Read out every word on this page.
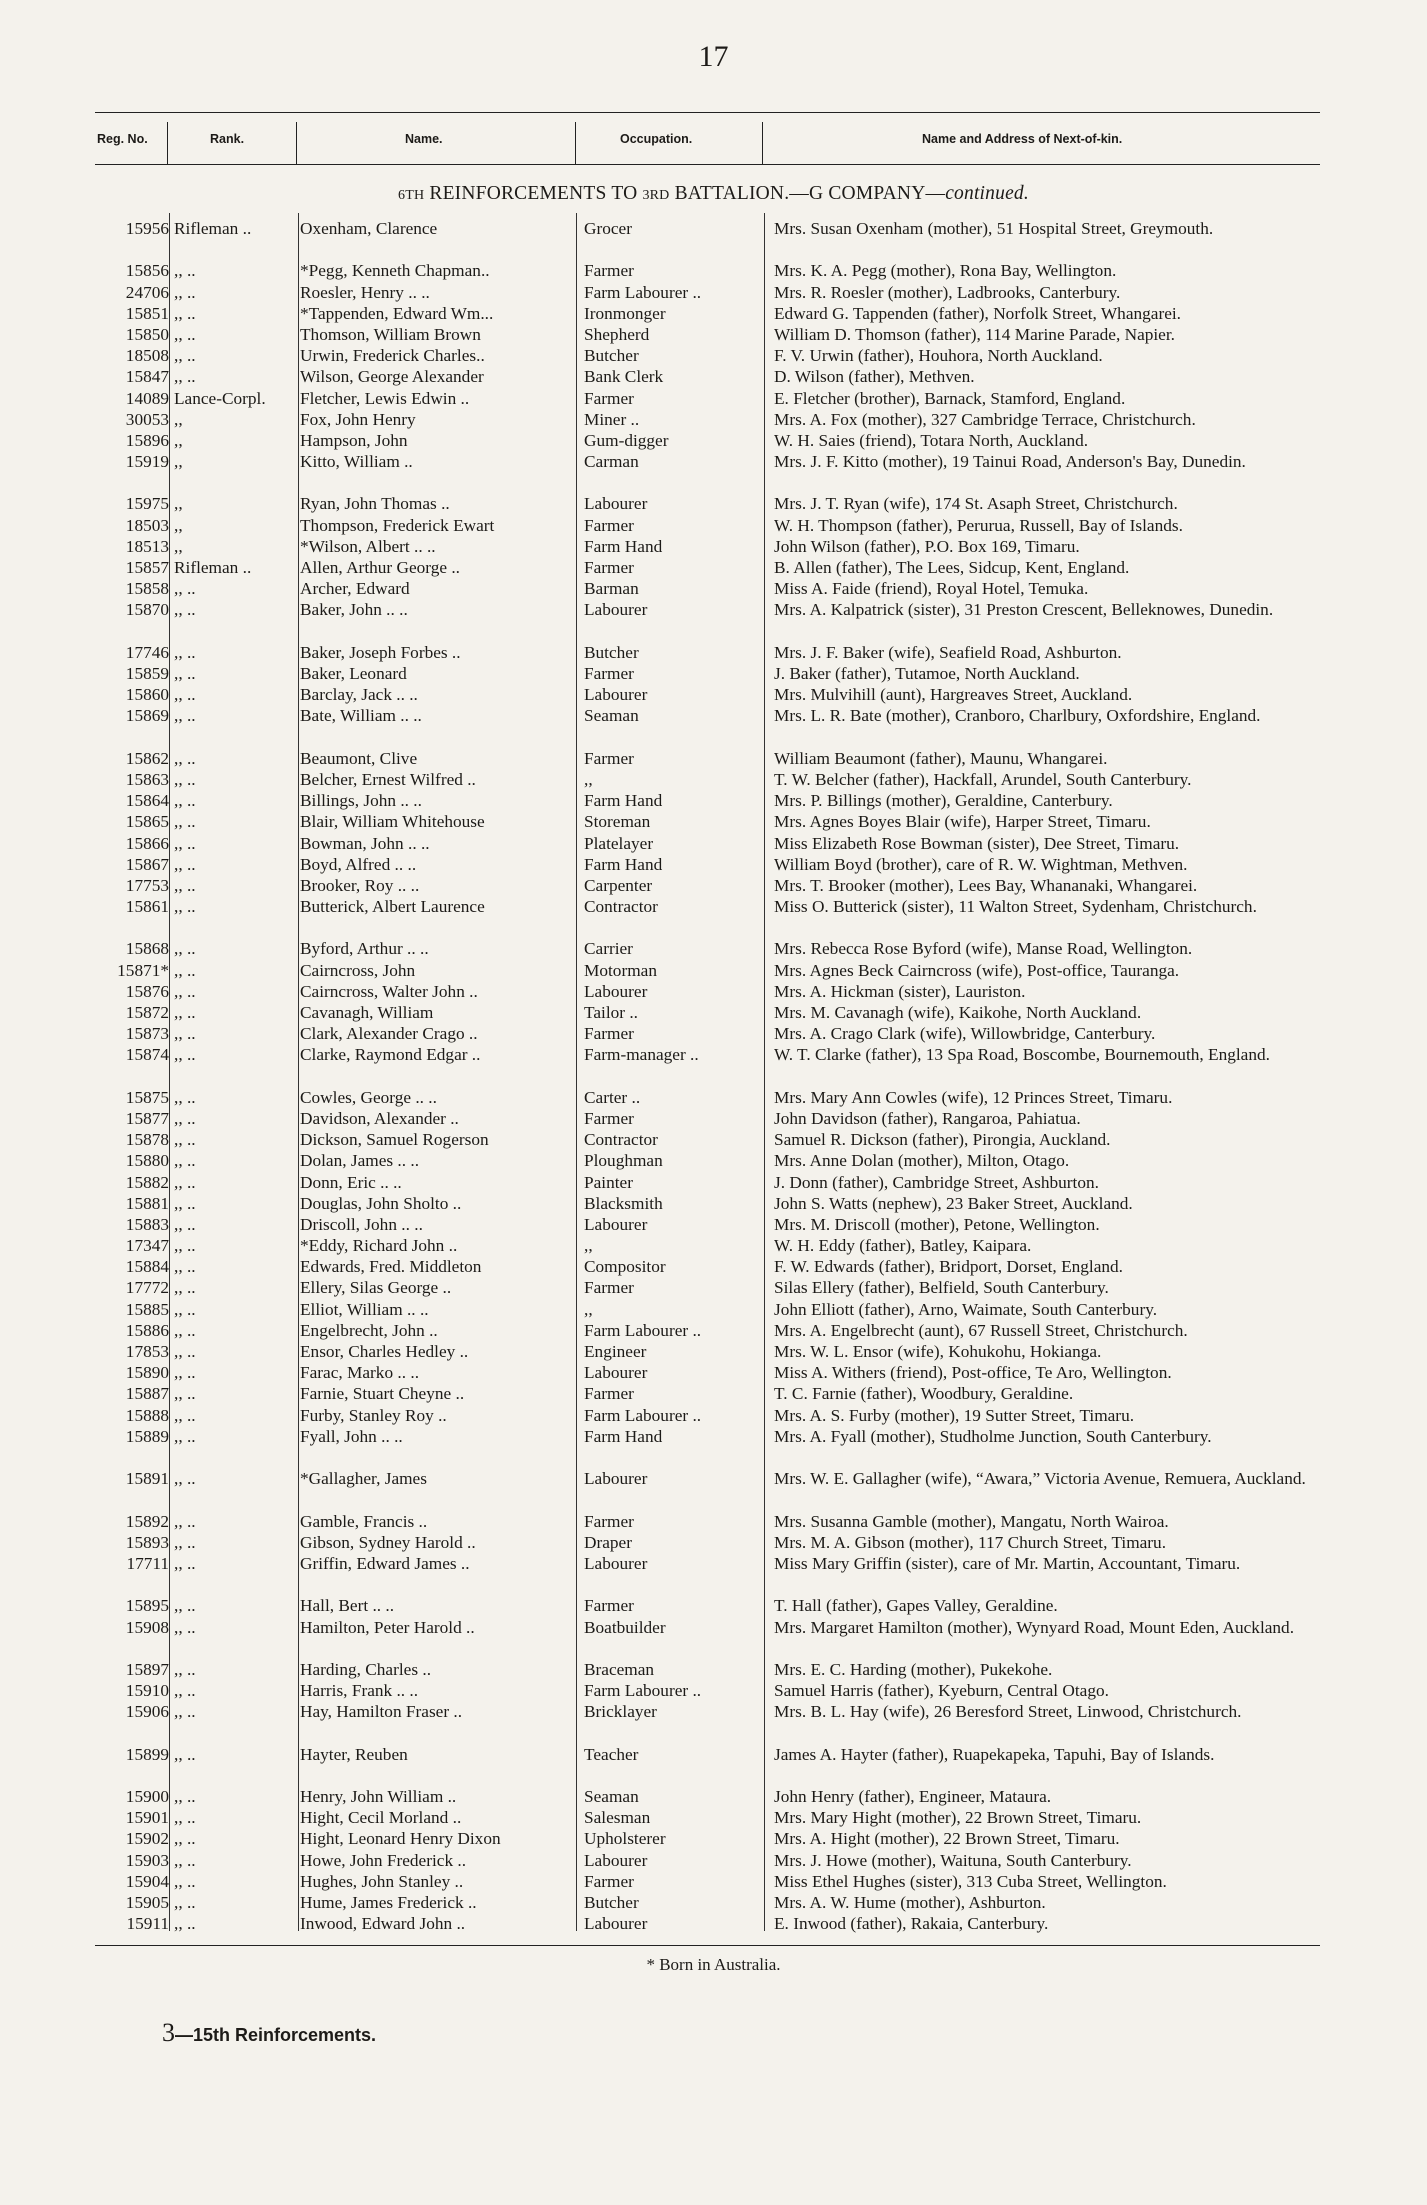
17
Reg. No.	Rank.	Name.	Occupation.	Name and Address of Next-of-kin.
6TH REINFORCEMENTS TO 3RD BATTALION.—G COMPANY—continued.
15956 Rifleman ..	Oxenham, Clarence	Grocer	Mrs. Susan Oxenham (mother), 51 Hospital Street, Greymouth.
15856 ,, ..	*Pegg, Kenneth Chapman..	Farmer	Mrs. K. A. Pegg (mother), Rona Bay, Wellington.
24706 ,, ..	Roesler, Henry .. ..	Farm Labourer ..	Mrs. R. Roesler (mother), Ladbrooks, Canterbury.
15851 ,, ..	*Tappenden, Edward Wm...	Ironmonger	Edward G. Tappenden (father), Norfolk Street, Whangarei.
15850 ,, ..	Thomson, William Brown	Shepherd	William D. Thomson (father), 114 Marine Parade, Napier.
18508 ,, ..	Urwin, Frederick Charles..	Butcher	F. V. Urwin (father), Houhora, North Auckland.
15847 ,, ..	Wilson, George Alexander	Bank Clerk	D. Wilson (father), Methven.
14089 Lance-Corpl.	Fletcher, Lewis Edwin ..	Farmer	E. Fletcher (brother), Barnack, Stamford, England.
30053 ,,	Fox, John Henry	Miner ..	Mrs. A. Fox (mother), 327 Cambridge Terrace, Christchurch.
15896 ,,	Hampson, John	Gum-digger	W. H. Saies (friend), Totara North, Auckland.
15919 ,,	Kitto, William ..	Carman	Mrs. J. F. Kitto (mother), 19 Tainui Road, Anderson's Bay, Dunedin.
15975 ,,	Ryan, John Thomas ..	Labourer	Mrs. J. T. Ryan (wife), 174 St. Asaph Street, Christchurch.
18503 ,,	Thompson, Frederick Ewart	Farmer	W. H. Thompson (father), Perurua, Russell, Bay of Islands.
18513 ,,	*Wilson, Albert .. ..	Farm Hand	John Wilson (father), P.O. Box 169, Timaru.
15857 Rifleman ..	Allen, Arthur George ..	Farmer	B. Allen (father), The Lees, Sidcup, Kent, England.
15858 ,, ..	Archer, Edward	Barman	Miss A. Faide (friend), Royal Hotel, Temuka.
15870 ,, ..	Baker, John .. ..	Labourer	Mrs. A. Kalpatrick (sister), 31 Preston Crescent, Belleknowes, Dunedin.
17746 ,, ..	Baker, Joseph Forbes ..	Butcher	Mrs. J. F. Baker (wife), Seafield Road, Ashburton.
15859 ,, ..	Baker, Leonard	Farmer	J. Baker (father), Tutamoe, North Auckland.
15860 ,, ..	Barclay, Jack .. ..	Labourer	Mrs. Mulvihill (aunt), Hargreaves Street, Auckland.
15869 ,, ..	Bate, William .. ..	Seaman	Mrs. L. R. Bate (mother), Cranboro, Charlbury, Oxfordshire, England.
15862 ,, ..	Beaumont, Clive	Farmer	William Beaumont (father), Maunu, Whangarei.
15863 ,, ..	Belcher, Ernest Wilfred ..	,,	T. W. Belcher (father), Hackfall, Arundel, South Canterbury.
15864 ,, ..	Billings, John .. ..	Farm Hand	Mrs. P. Billings (mother), Geraldine, Canterbury.
15865 ,, ..	Blair, William Whitehouse	Storeman	Mrs. Agnes Boyes Blair (wife), Harper Street, Timaru.
15866 ,, ..	Bowman, John .. ..	Platelayer	Miss Elizabeth Rose Bowman (sister), Dee Street, Timaru.
15867 ,, ..	Boyd, Alfred .. ..	Farm Hand	William Boyd (brother), care of R. W. Wightman, Methven.
17753 ,, ..	Brooker, Roy .. ..	Carpenter	Mrs. T. Brooker (mother), Lees Bay, Whananaki, Whangarei.
15861 ,, ..	Butterick, Albert Laurence	Contractor	Miss O. Butterick (sister), 11 Walton Street, Sydenham, Christchurch.
15868 ,, ..	Byford, Arthur .. ..	Carrier	Mrs. Rebecca Rose Byford (wife), Manse Road, Wellington.
15871* ,, ..	Cairncross, John	Motorman	Mrs. Agnes Beck Cairncross (wife), Post-office, Tauranga.
15876 ,, ..	Cairncross, Walter John ..	Labourer	Mrs. A. Hickman (sister), Lauriston.
15872 ,, ..	Cavanagh, William	Tailor ..	Mrs. M. Cavanagh (wife), Kaikohe, North Auckland.
15873 ,, ..	Clark, Alexander Crago ..	Farmer	Mrs. A. Crago Clark (wife), Willowbridge, Canterbury.
15874 ,, ..	Clarke, Raymond Edgar ..	Farm-manager ..	W. T. Clarke (father), 13 Spa Road, Boscombe, Bournemouth, England.
15875 ,, ..	Cowles, George .. ..	Carter ..	Mrs. Mary Ann Cowles (wife), 12 Princes Street, Timaru.
15877 ,, ..	Davidson, Alexander ..	Farmer	John Davidson (father), Rangaroa, Pahiatua.
15878 ,, ..	Dickson, Samuel Rogerson	Contractor	Samuel R. Dickson (father), Pirongia, Auckland.
15880 ,, ..	Dolan, James .. ..	Ploughman	Mrs. Anne Dolan (mother), Milton, Otago.
15882 ,, ..	Donn, Eric .. ..	Painter	J. Donn (father), Cambridge Street, Ashburton.
15881 ,, ..	Douglas, John Sholto ..	Blacksmith	John S. Watts (nephew), 23 Baker Street, Auckland.
15883 ,, ..	Driscoll, John .. ..	Labourer	Mrs. M. Driscoll (mother), Petone, Wellington.
17347 ,, ..	*Eddy, Richard John ..	,,	W. H. Eddy (father), Batley, Kaipara.
15884 ,, ..	Edwards, Fred. Middleton	Compositor	F. W. Edwards (father), Bridport, Dorset, England.
17772 ,, ..	Ellery, Silas George ..	Farmer	Silas Ellery (father), Belfield, South Canterbury.
15885 ,, ..	Elliot, William .. ..	,,	John Elliott (father), Arno, Waimate, South Canterbury.
15886 ,, ..	Engelbrecht, John ..	Farm Labourer ..	Mrs. A. Engelbrecht (aunt), 67 Russell Street, Christchurch.
17853 ,, ..	Ensor, Charles Hedley ..	Engineer	Mrs. W. L. Ensor (wife), Kohukohu, Hokianga.
15890 ,, ..	Farac, Marko .. ..	Labourer	Miss A. Withers (friend), Post-office, Te Aro, Wellington.
15887 ,, ..	Farnie, Stuart Cheyne ..	Farmer	T. C. Farnie (father), Woodbury, Geraldine.
15888 ,, ..	Furby, Stanley Roy ..	Farm Labourer ..	Mrs. A. S. Furby (mother), 19 Sutter Street, Timaru.
15889 ,, ..	Fyall, John .. ..	Farm Hand	Mrs. A. Fyall (mother), Studholme Junction, South Canterbury.
15891 ,, ..	*Gallagher, James	Labourer	Mrs. W. E. Gallagher (wife), “Awara,” Victoria Avenue, Remuera, Auckland.
15892 ,, ..	Gamble, Francis ..	Farmer	Mrs. Susanna Gamble (mother), Mangatu, North Wairoa.
15893 ,, ..	Gibson, Sydney Harold ..	Draper	Mrs. M. A. Gibson (mother), 117 Church Street, Timaru.
17711 ,, ..	Griffin, Edward James ..	Labourer	Miss Mary Griffin (sister), care of Mr. Martin, Accountant, Timaru.
15895 ,, ..	Hall, Bert .. ..	Farmer	T. Hall (father), Gapes Valley, Geraldine.
15908 ,, ..	Hamilton, Peter Harold ..	Boatbuilder	Mrs. Margaret Hamilton (mother), Wynyard Road, Mount Eden, Auckland.
15897 ,, ..	Harding, Charles ..	Braceman	Mrs. E. C. Harding (mother), Pukekohe.
15910 ,, ..	Harris, Frank .. ..	Farm Labourer ..	Samuel Harris (father), Kyeburn, Central Otago.
15906 ,, ..	Hay, Hamilton Fraser ..	Bricklayer	Mrs. B. L. Hay (wife), 26 Beresford Street, Linwood, Christchurch.
15899 ,, ..	Hayter, Reuben	Teacher	James A. Hayter (father), Ruapekapeka, Tapuhi, Bay of Islands.
15900 ,, ..	Henry, John William ..	Seaman	John Henry (father), Engineer, Mataura.
15901 ,, ..	Hight, Cecil Morland ..	Salesman	Mrs. Mary Hight (mother), 22 Brown Street, Timaru.
15902 ,, ..	Hight, Leonard Henry Dixon	Upholsterer	Mrs. A. Hight (mother), 22 Brown Street, Timaru.
15903 ,, ..	Howe, John Frederick ..	Labourer	Mrs. J. Howe (mother), Waituna, South Canterbury.
15904 ,, ..	Hughes, John Stanley ..	Farmer	Miss Ethel Hughes (sister), 313 Cuba Street, Wellington.
15905 ,, ..	Hume, James Frederick ..	Butcher	Mrs. A. W. Hume (mother), Ashburton.
15911 ,, ..	Inwood, Edward John ..	Labourer	E. Inwood (father), Rakaia, Canterbury.
* Born in Australia.
3—15th Reinforcements.
